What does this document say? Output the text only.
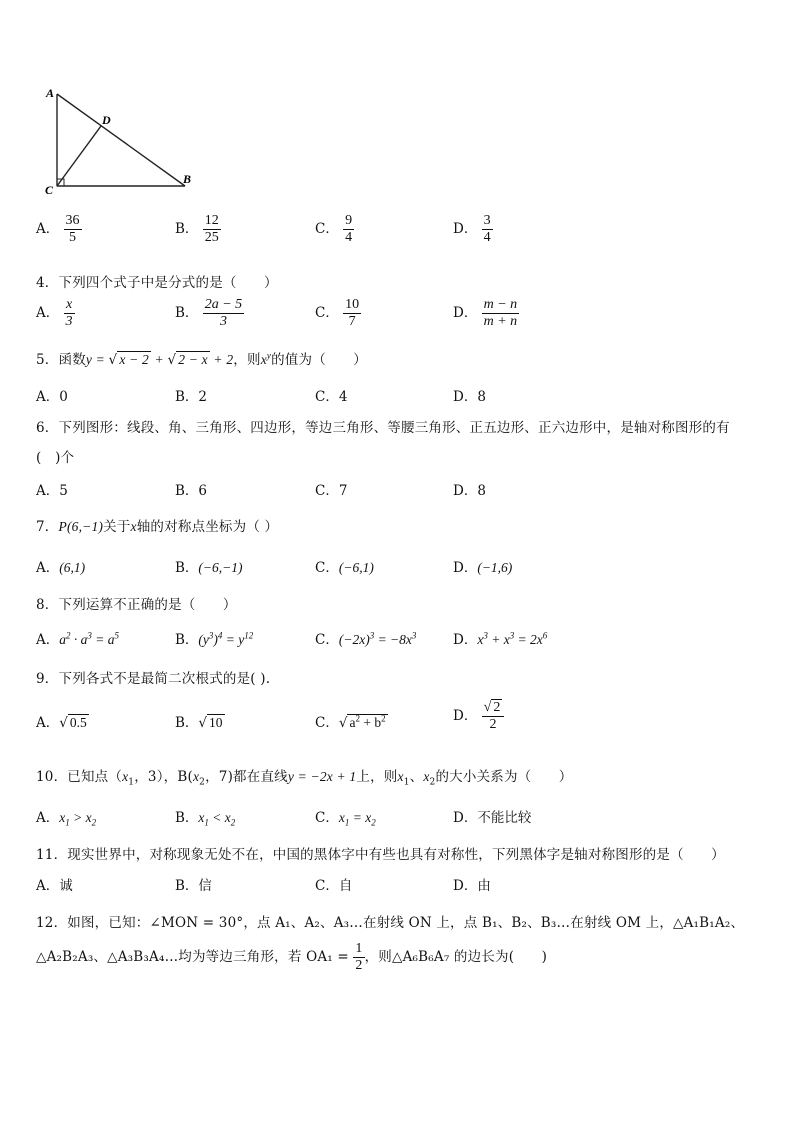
A
D
C
B
A． $\frac{36}{5}$	B． $\frac{12}{25}$	C． $\frac{9}{4}$	D． $\frac{3}{4}$
4．下列四个式子中是分式的是（　　）
A． $\frac{x}{3}$	B． $\frac{2a - 5}{3}$	C． $\frac{10}{7}$	D． $\frac{m - n}{m + n}$
5．函数y = √ x − 2 + √ 2 − x + 2，则$x^y$的值为（　　）
A．0	B．2	C．4	D．8
6．下列图形：线段、角、三角形、四边形，等边三角形、等腰三角形、正五边形、正六边形中，是轴对称图形的有
(　)个
A．5	B．6	C．7	D．8
7．P(6,−1)关于x轴的对称点坐标为（ ）
A．(6,1)	B．(−6,−1)	C．(−6,1)	D．(−1,6)
8．下列运算不正确的是（　　）
A．$a^2 \cdot a^3 = a^5$	B．$(y^3)^4 = y^{12}$	C．$(-2x)^3 = -8x^3$	D．$x^3 + x^3 = 2x^6$
9．下列各式不是最简二次根式的是( ).
A．√ 0.5	B．√ 10	C．√ $a^2 + b^2$	D． $\frac{√ 2}{2}$
10．已知点（$x_1$，3），$B(x_2$，7)都在直线y = −2x + 1上，则$x_1$、$x_2$的大小关系为（　　）
A．$x_1 > x_2$	B．$x_1 < x_2$	C．$x_1 = x_2$	D．不能比较
11．现实世界中，对称现象无处不在，中国的黑体字中有些也具有对称性，下列黑体字是轴对称图形的是（　　）
A．诚	B．信	C．自	D．由
12．如图，已知：∠MON = 30°，点 A₁、A₂、A₃…在射线 ON 上，点 B₁、B₂、B₃…在射线 OM 上，△A₁B₁A₂、
△A₂B₂A₃、△A₃B₃A₄…均为等边三角形，若 $OA_1 = \frac{1}{2}$ ，则△A₆B₆A₇ 的边长为(　　)
